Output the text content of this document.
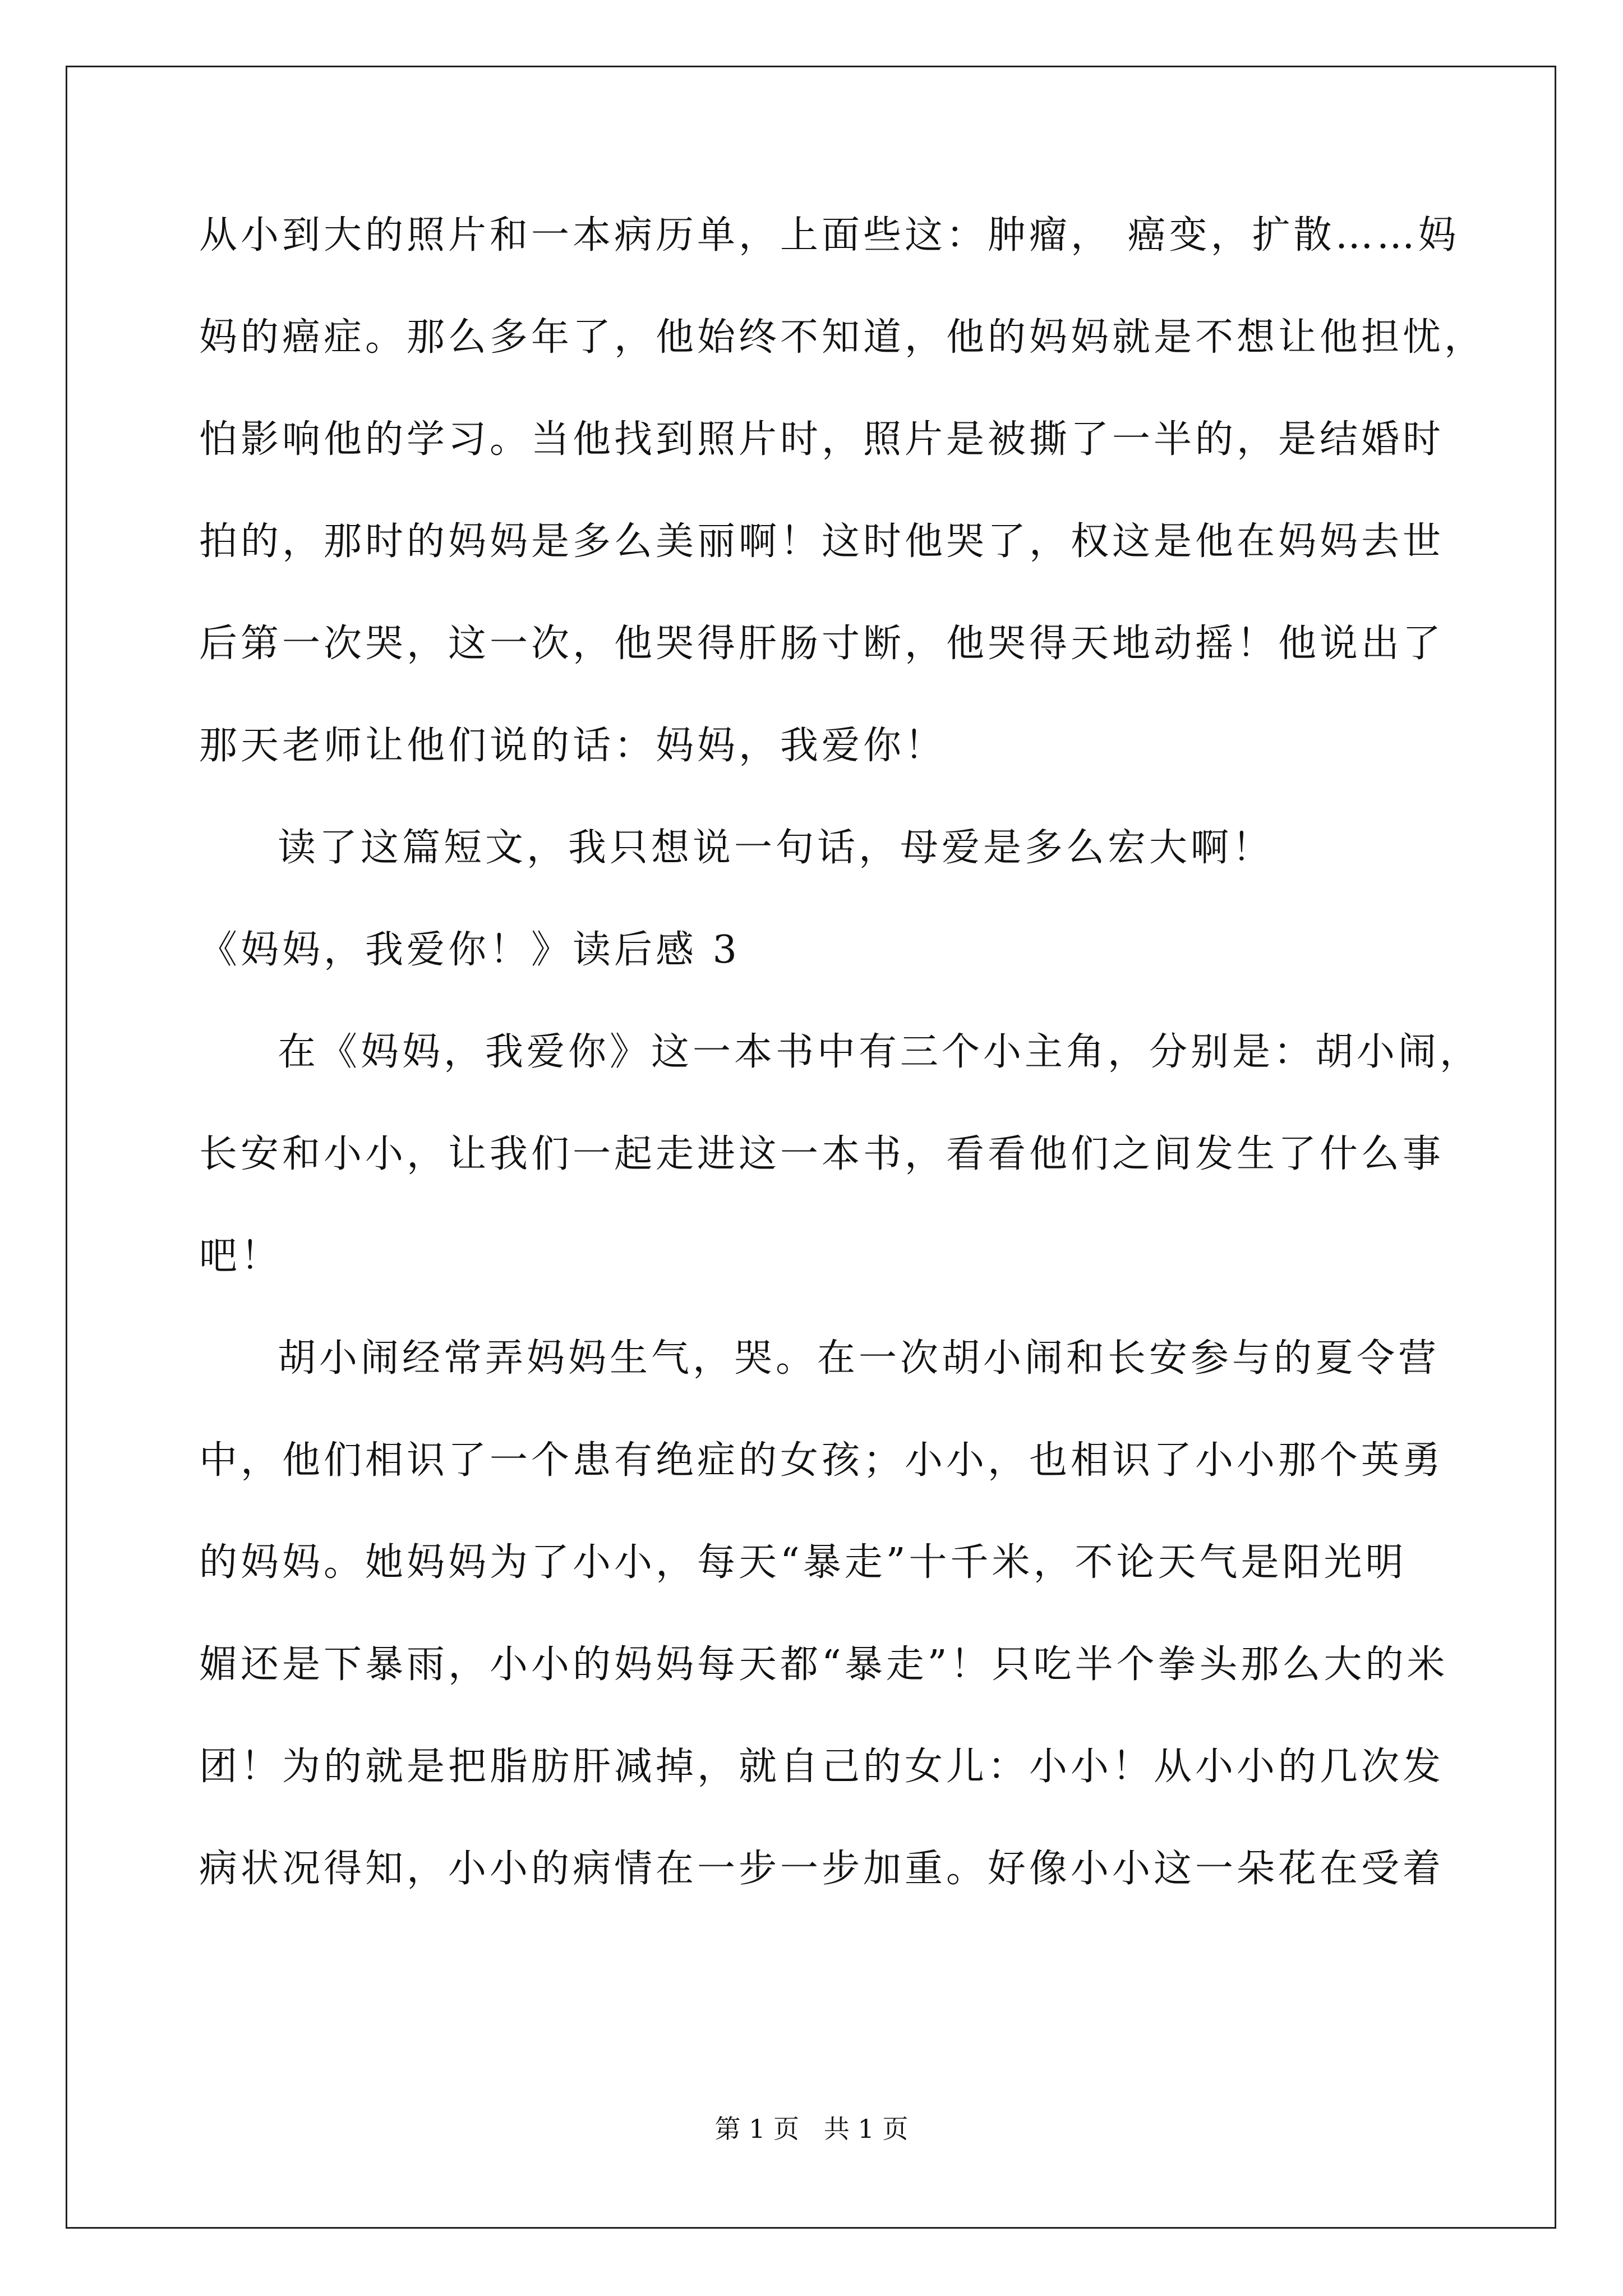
从小到大的照片和一本病历单，上面些这：肿瘤， 癌变，扩散……妈
妈的癌症。那么多年了，他始终不知道，他的妈妈就是不想让他担忧，
怕影响他的学习。当他找到照片时，照片是被撕了一半的，是结婚时
拍的，那时的妈妈是多么美丽啊！这时他哭了，权这是他在妈妈去世
后第一次哭，这一次，他哭得肝肠寸断，他哭得天地动摇！他说出了
那天老师让他们说的话：妈妈，我爱你！
读了这篇短文，我只想说一句话，母爱是多么宏大啊！
《妈妈，我爱你！》读后感 3
在《妈妈，我爱你》这一本书中有三个小主角，分别是：胡小闹，
长安和小小，让我们一起走进这一本书，看看他们之间发生了什么事
吧！
胡小闹经常弄妈妈生气，哭。在一次胡小闹和长安参与的夏令营
中，他们相识了一个患有绝症的女孩；小小，也相识了小小那个英勇
的妈妈。她妈妈为了小小，每天“暴走”十千米，不论天气是阳光明
媚还是下暴雨，小小的妈妈每天都“暴走”！只吃半个拳头那么大的米
团！为的就是把脂肪肝减掉，就自己的女儿：小小！从小小的几次发
病状况得知，小小的病情在一步一步加重。好像小小这一朵花在受着
第 1 页   共 1 页
